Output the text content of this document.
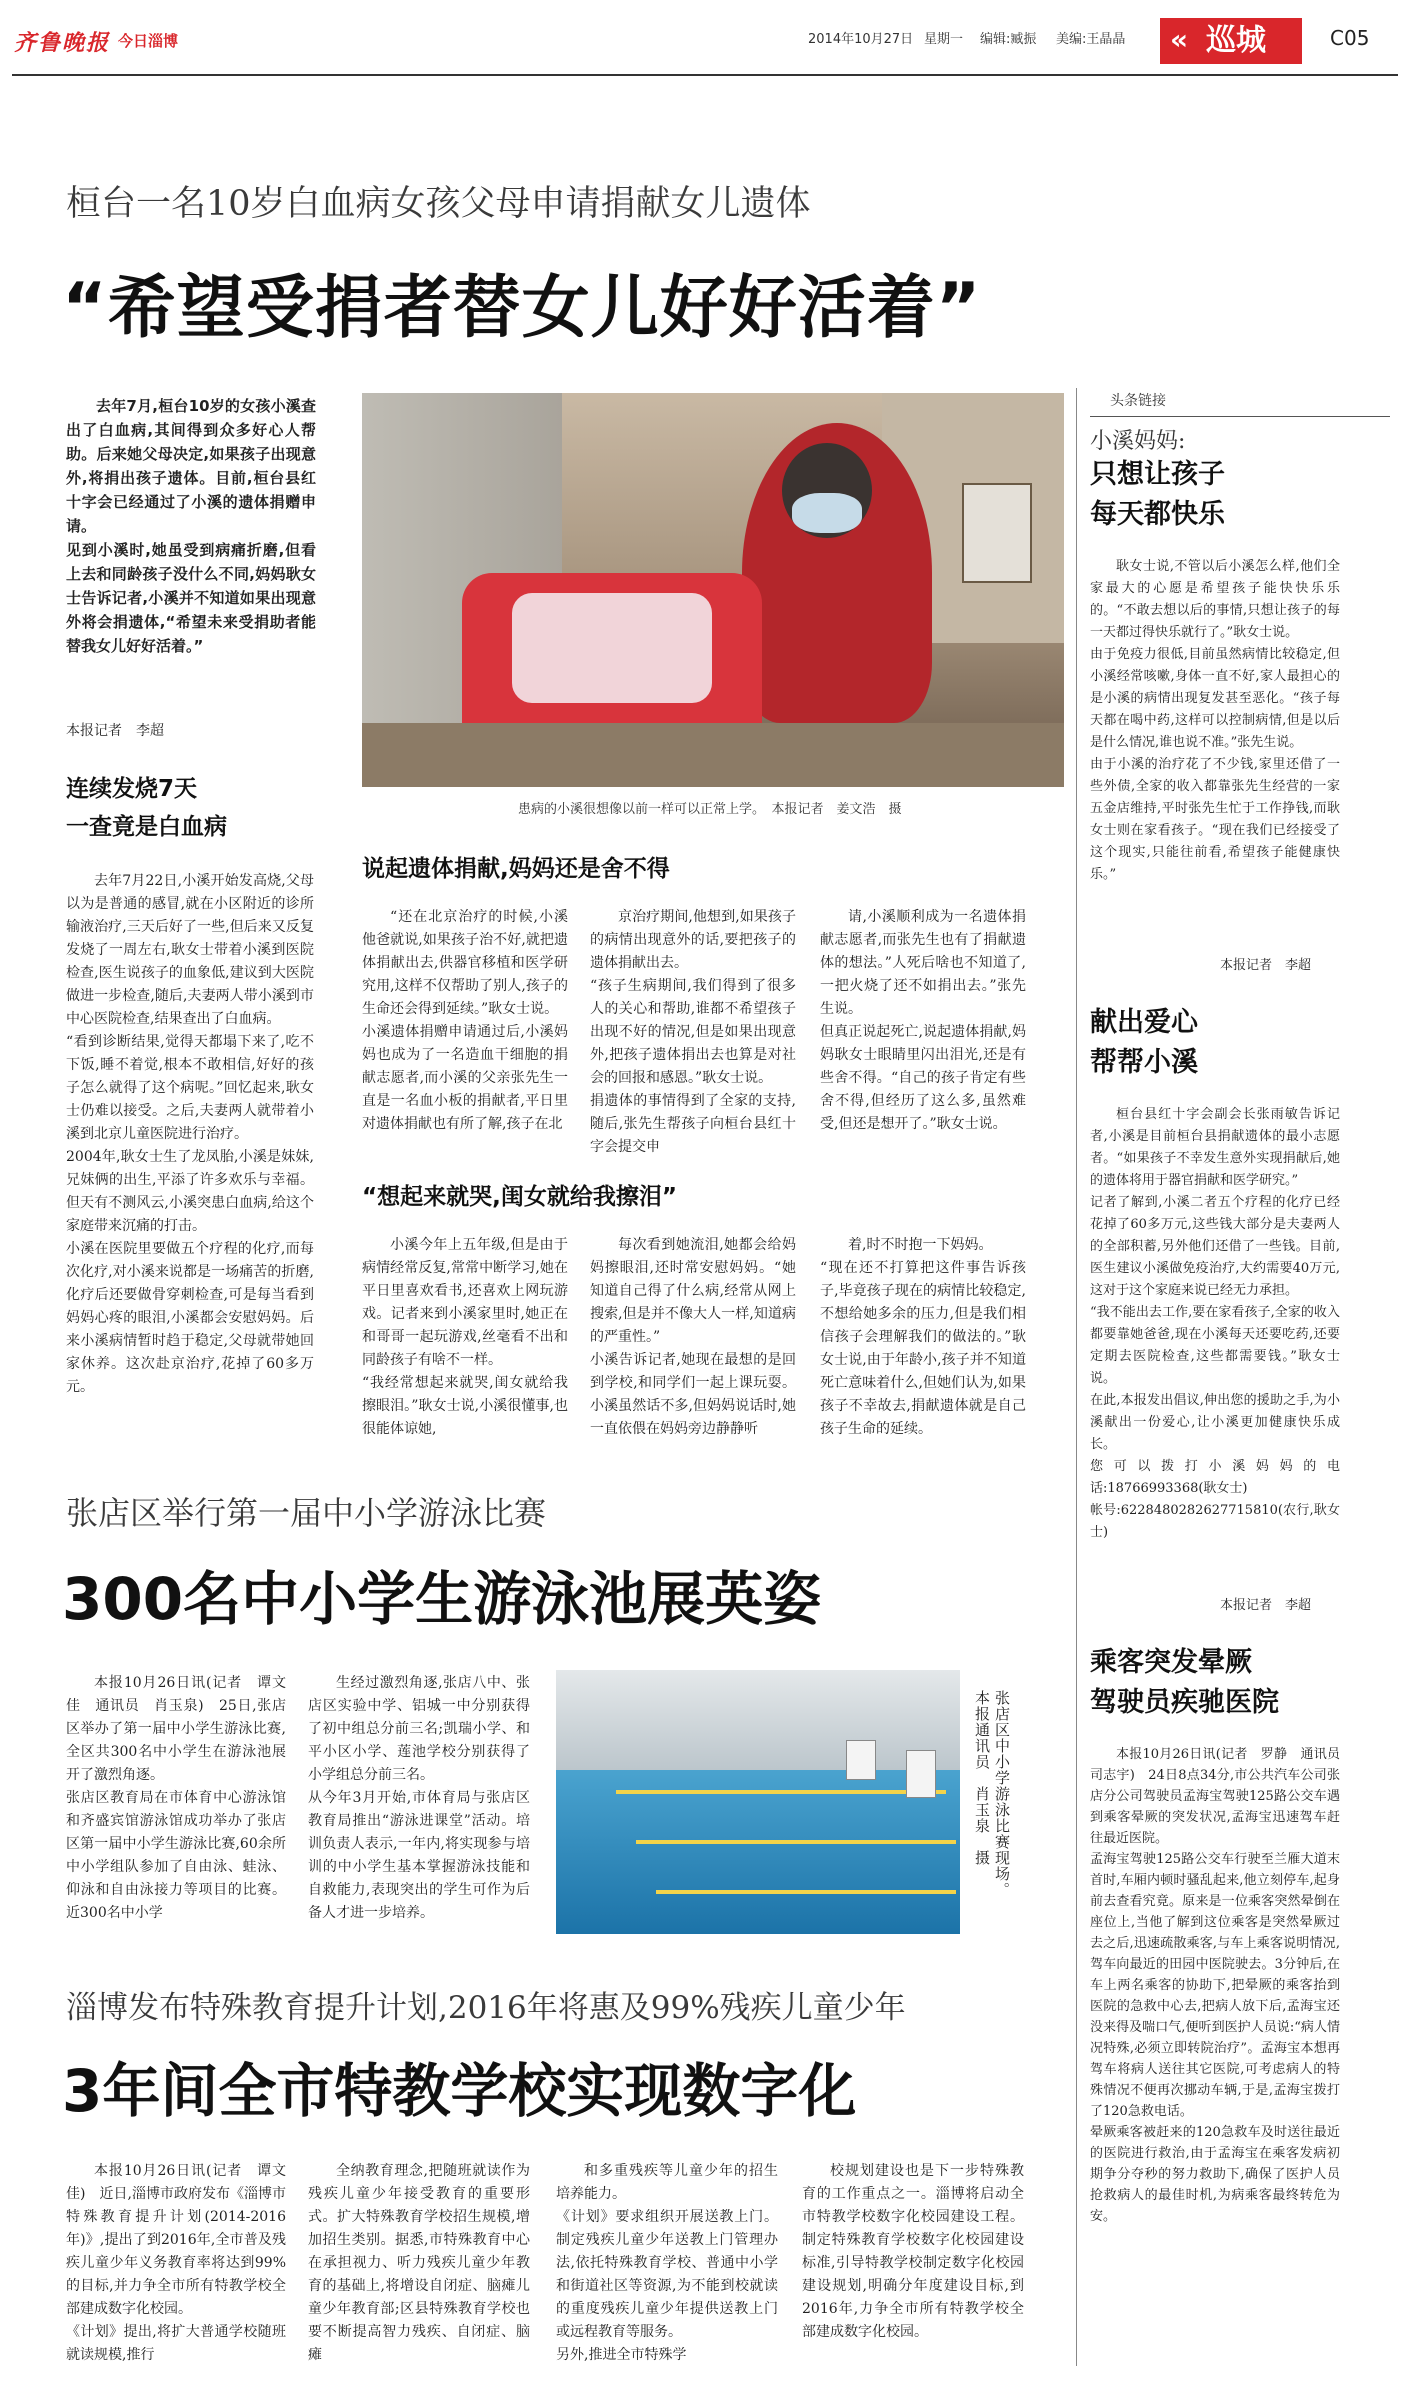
齐鲁晚报 今日淄博	2014年10月27日 星期一 编辑:臧振 美编:王晶晶 « 巡城	C05
桓台一名10岁白血病女孩父母申请捐献女儿遗体
“希望受捐者替女儿好好活着”
去年7月,桓台10岁的女孩小溪查出了白血病,其间得到众多好心人帮助。后来她父母决定,如果孩子出现意外,将捐出孩子遗体。目前,桓台县红十字会已经通过了小溪的遗体捐赠申请。
见到小溪时,她虽受到病痛折磨,但看上去和同龄孩子没什么不同,妈妈耿女士告诉记者,小溪并不知道如果出现意外将会捐遗体,“希望未来受捐助者能替我女儿好好活着。”
本报记者　李超
患病的小溪很想像以前一样可以正常上学。　本报记者　姜文浩　摄
连续发烧7天
一查竟是白血病
去年7月22日,小溪开始发高烧,父母以为是普通的感冒,就在小区附近的诊所输液治疗,三天后好了一些,但后来又反复发烧了一周左右,耿女士带着小溪到医院检查,医生说孩子的血象低,建议到大医院做进一步检查,随后,夫妻两人带小溪到市中心医院检查,结果查出了白血病。
“看到诊断结果,觉得天都塌下来了,吃不下饭,睡不着觉,根本不敢相信,好好的孩子怎么就得了这个病呢。”回忆起来,耿女士仍难以接受。之后,夫妻两人就带着小溪到北京儿童医院进行治疗。
2004年,耿女士生了龙凤胎,小溪是妹妹,兄妹俩的出生,平添了许多欢乐与幸福。但天有不测风云,小溪突患白血病,给这个家庭带来沉痛的打击。
小溪在医院里要做五个疗程的化疗,而每次化疗,对小溪来说都是一场痛苦的折磨,化疗后还要做骨穿刺检查,可是每当看到妈妈心疼的眼泪,小溪都会安慰妈妈。后来小溪病情暂时趋于稳定,父母就带她回家休养。这次赴京治疗,花掉了60多万元。
说起遗体捐献,妈妈还是舍不得
“还在北京治疗的时候,小溪他爸就说,如果孩子治不好,就把遗体捐献出去,供器官移植和医学研究用,这样不仅帮助了别人,孩子的生命还会得到延续。”耿女士说。
小溪遗体捐赠申请通过后,小溪妈妈也成为了一名造血干细胞的捐献志愿者,而小溪的父亲张先生一直是一名血小板的捐献者,平日里对遗体捐献也有所了解,孩子在北
京治疗期间,他想到,如果孩子的病情出现意外的话,要把孩子的遗体捐献出去。
“孩子生病期间,我们得到了很多人的关心和帮助,谁都不希望孩子出现不好的情况,但是如果出现意外,把孩子遗体捐出去也算是对社会的回报和感恩。”耿女士说。
捐遗体的事情得到了全家的支持,随后,张先生帮孩子向桓台县红十字会提交申
请,小溪顺利成为一名遗体捐献志愿者,而张先生也有了捐献遗体的想法。”人死后啥也不知道了,一把火烧了还不如捐出去。”张先生说。
但真正说起死亡,说起遗体捐献,妈妈耿女士眼睛里闪出泪光,还是有些舍不得。“自己的孩子肯定有些舍不得,但经历了这么多,虽然难受,但还是想开了。”耿女士说。
“想起来就哭,闺女就给我擦泪”
小溪今年上五年级,但是由于病情经常反复,常常中断学习,她在平日里喜欢看书,还喜欢上网玩游戏。记者来到小溪家里时,她正在和哥哥一起玩游戏,丝毫看不出和同龄孩子有啥不一样。
“我经常想起来就哭,闺女就给我擦眼泪。”耿女士说,小溪很懂事,也很能体谅她,
每次看到她流泪,她都会给妈妈擦眼泪,还时常安慰妈妈。“她知道自己得了什么病,经常从网上搜索,但是并不像大人一样,知道病的严重性。”
小溪告诉记者,她现在最想的是回到学校,和同学们一起上课玩耍。小溪虽然话不多,但妈妈说话时,她一直依偎在妈妈旁边静静听
着,时不时抱一下妈妈。
“现在还不打算把这件事告诉孩子,毕竟孩子现在的病情比较稳定,不想给她多余的压力,但是我们相信孩子会理解我们的做法的。”耿女士说,由于年龄小,孩子并不知道死亡意味着什么,但她们认为,如果孩子不幸故去,捐献遗体就是自己孩子生命的延续。
头条链接
小溪妈妈:
只想让孩子
每天都快乐
耿女士说,不管以后小溪怎么样,他们全家最大的心愿是希望孩子能快快乐乐的。“不敢去想以后的事情,只想让孩子的每一天都过得快乐就行了。”耿女士说。
由于免疫力很低,目前虽然病情比较稳定,但小溪经常咳嗽,身体一直不好,家人最担心的是小溪的病情出现复发甚至恶化。“孩子每天都在喝中药,这样可以控制病情,但是以后是什么情况,谁也说不准。”张先生说。
由于小溪的治疗花了不少钱,家里还借了一些外债,全家的收入都靠张先生经营的一家五金店维持,平时张先生忙于工作挣钱,而耿女士则在家看孩子。“现在我们已经接受了这个现实,只能往前看,希望孩子能健康快乐。”
本报记者　李超
献出爱心
帮帮小溪
桓台县红十字会副会长张雨敏告诉记者,小溪是目前桓台县捐献遗体的最小志愿者。“如果孩子不幸发生意外实现捐献后,她的遗体将用于器官捐献和医学研究。”
记者了解到,小溪二者五个疗程的化疗已经花掉了60多万元,这些钱大部分是夫妻两人的全部积蓄,另外他们还借了一些钱。目前,医生建议小溪做免疫治疗,大约需要40万元,这对于这个家庭来说已经无力承担。
“我不能出去工作,要在家看孩子,全家的收入都要靠她爸爸,现在小溪每天还要吃药,还要定期去医院检查,这些都需要钱。”耿女士说。
在此,本报发出倡议,伸出您的援助之手,为小溪献出一份爱心,让小溪更加健康快乐成长。
您可以拨打小溪妈妈的电话:18766993368(耿女士)
帐号:6228480282627715810(农行,耿女士)
本报记者　李超
乘客突发晕厥
驾驶员疾驰医院
本报10月26日讯(记者　罗静　通讯员　司志宇)　24日8点34分,市公共汽车公司张店分公司驾驶员孟海宝驾驶125路公交车遇到乘客晕厥的突发状况,孟海宝迅速驾车赶往最近医院。
孟海宝驾驶125路公交车行驶至兰雁大道末首时,车厢内顿时骚乱起来,他立刻停车,起身前去查看究竟。原来是一位乘客突然晕倒在座位上,当他了解到这位乘客是突然晕厥过去之后,迅速疏散乘客,与车上乘客说明情况,驾车向最近的田园中医院驶去。3分钟后,在车上两名乘客的协助下,把晕厥的乘客抬到医院的急救中心去,把病人放下后,孟海宝还没来得及喘口气,便听到医护人员说:“病人情况特殊,必须立即转院治疗”。孟海宝本想再驾车将病人送往其它医院,可考虑病人的特殊情况不便再次挪动车辆,于是,孟海宝拨打了120急救电话。
晕厥乘客被赶来的120急救车及时送往最近的医院进行救治,由于孟海宝在乘客发病初期争分夺秒的努力救助下,确保了医护人员抢救病人的最佳时机,为病乘客最终转危为安。
张店区举行第一届中小学游泳比赛
300名中小学生游泳池展英姿
本报10月26日讯(记者　谭文佳　通讯员　肖玉泉)　25日,张店区举办了第一届中小学生游泳比赛,全区共300名中小学生在游泳池展开了激烈角逐。
张店区教育局在市体育中心游泳馆和齐盛宾馆游泳馆成功举办了张店区第一届中小学生游泳比赛,60余所中小学组队参加了自由泳、蛙泳、仰泳和自由泳接力等项目的比赛。近300名中小学
生经过激烈角逐,张店八中、张店区实验中学、铝城一中分别获得了初中组总分前三名;凯瑞小学、和平小区小学、莲池学校分别获得了小学组总分前三名。
从今年3月开始,市体育局与张店区教育局推出“游泳进课堂”活动。培训负责人表示,一年内,将实现参与培训的中小学生基本掌握游泳技能和自救能力,表现突出的学生可作为后备人才进一步培养。
张店区中小学游泳比赛现场。
本报通讯员　肖玉泉　摄
淄博发布特殊教育提升计划,2016年将惠及99%残疾儿童少年
3年间全市特教学校实现数字化
本报10月26日讯(记者　谭文佳)　近日,淄博市政府发布《淄博市特殊教育提升计划(2014-2016年)》,提出了到2016年,全市普及残疾儿童少年义务教育率将达到99%的目标,并力争全市所有特教学校全部建成数字化校园。
《计划》提出,将扩大普通学校随班就读规模,推行
全纳教育理念,把随班就读作为残疾儿童少年接受教育的重要形式。扩大特殊教育学校招生规模,增加招生类别。据悉,市特殊教育中心在承担视力、听力残疾儿童少年教育的基础上,将增设自闭症、脑瘫儿童少年教育部;区县特殊教育学校也要不断提高智力残疾、自闭症、脑瘫
和多重残疾等儿童少年的招生培养能力。
《计划》要求组织开展送教上门。制定残疾儿童少年送教上门管理办法,依托特殊教育学校、普通中小学和街道社区等资源,为不能到校就读的重度残疾儿童少年提供送教上门或远程教育等服务。
另外,推进全市特殊学
校规划建设也是下一步特殊教育的工作重点之一。淄博将启动全市特教学校数字化校园建设工程。制定特殊教育学校数字化校园建设标准,引导特教学校制定数字化校园建设规划,明确分年度建设目标,到2016年,力争全市所有特教学校全部建成数字化校园。
